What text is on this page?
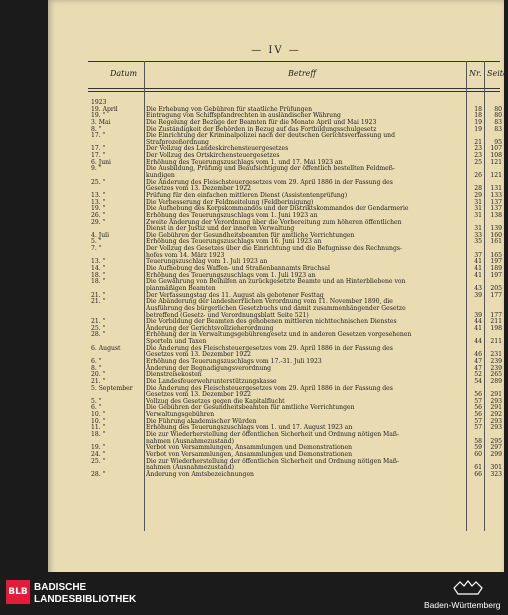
— IV —
Datum	Betreff	Nr. Seite
1923
19. April	Die Erhebung von Gebühren für staatliche Prüfungen	18	80
19. "	Eintragung von Schiffspfandrechten in ausländischer Währung	18	80
3. Mai	Die Regelung der Bezüge der Beamten für die Monate April und Mai 1923	19	83
8. "	Die Zuständigkeit der Behörden in Bezug auf das Fortbildungsschulgesetz	19	83
17. "	Die Einrichtung der Kriminalpolizei nach der deutschen Gerichtsverfassung und
Strafprozeßordnung	21	95
17. "	Der Vollzug des Landeskirchensteuergesetzes	23	107
17. "	Der Vollzug des Ortskirchensteuergesetzes	23	108
6. Juni	Erhöhung des Teuerungszuschlags vom 1. und 17. Mai 1923 an	25	121
9. "	Die Ausbildung, Prüfung und Beaufsichtigung der öffentlich bestellten Feldmeß-
kundigen	26	121
25. "	Die Änderung des Fleischsteuergesetzes vom 29. April 1886 in der Fassung des
Gesetzes vom 13. Dezember 1922	28	131
13. "	Prüfung für den einfachen mittleren Dienst (Assistentenprüfung)	29	133
13. "	Die Verbesserung der Feldmeitelung (Feldberinigung)	31	137
19. "	Die Aufhebung des Korpskommandos und der Distriktskommandos der Gendarmerie	31	137
26. "	Erhöhung des Teuerungszuschlags vom 1. Juni 1923 an	31	138
29. "	Zweite Änderung der Verordnung über die Vorbereitung zum höheren öffentlichen
Dienst in der Justiz und der inneren Verwaltung	31	139
4. Juli	Die Gebühren der Gesundheitsbeamten für amtliche Verrichtungen	33	160
5. "	Erhöhung des Teuerungszuschlags vom 16. Juni 1923 an	35	161
7. "	Der Vollzug des Gesetzes über die Einrichtung und die Befugnisse des Rechnungs-
hofes vom 14. März 1923	37	165
13. "	Teuerungszuschlag vom 1. Juli 1923 an	41	197
14. "	Die Aufhebung des Waffen- und Straßenbannamts Bruchsal	41	189
18. "	Erhöhung des Teuerungszuschlags vom 1. Juli 1923 an	41	197
18. "	Die Gewährung von Beihilfen an zurückgesetzte Beamte und an Hinterbliebene von
planmäßigen Beamten	43	205
21. "	Der Verfassungstag des 11. August als gebotener Festtag	39	177
21. "	Die Abänderung der landesherrlichen Verordnung vom 11. November 1890, die
Ausführung des bürgerlichen Gesetzbuchs und damit zusammenhängender Gesetze
betreffend (Gesetz- und Verordnungsblatt Seite 521)	39	177
21. "	Die Vorbildung der Beamten des gehobenen mittleren nichttechnischen Dienstes	44	211
25. "	Änderung der Gerichtsvollzieherordnung	41	198
28. "	Erhöhung der in Verwaltungsgebührengesetz und in anderen Gesetzen vorgesehenen
Sporteln und Taxen	44	211
6. August	Die Änderung des Fleischsteuergesetzes vom 29. April 1886 in der Fassung des
Gesetzes vom 13. Dezember 1922	46	231
6. "	Erhöhung des Teuerungszuschlags vom 17.-31. Juli 1923	47	239
8. "	Änderung der Begnadigungsverordnung	47	239
20. "	Dienstreisekosten	52	265
21. "	Die Landesfeuerwehrunterstützungskasse	54	289
5. September	Die Änderung des Fleischsteuergesetzes vom 29. April 1886 in der Fassung des
Gesetzes vom 13. Dezember 1922	56	291
5. "	Vollzug des Gesetzes gegen die Kapitalflucht	57	293
6. "	Die Gebühren der Gesundheitsbeamten für amtliche Verrichtungen	56	291
10. "	Verwaltungsgebühren	56	292
10. "	Die Führung akademischer Würden	57	293
11. "	Erhöhung des Teuerungszuschlags vom 1. und 17. August 1923 an	57	293
18. "	Die zur Wiederherstellung der öffentlichen Sicherheit und Ordnung nötigen Maß-
nahmen (Ausnahmezustand)	58	295
19. "	Verbot von Versammlungen, Ansammlungen und Demonstrationen	59	297
24. "	Verbot von Versammlungen, Ansammlungen und Demonstrationen	60	299
25. "	Die zur Wiederherstellung der öffentlichen Sicherheit und Ordnung nötigen Maß-
nahmen (Ausnahmezustand)	61	301
28. "	Änderung von Amtsbezeichnungen	66	323
BLB BADISCHE
LANDESBIBLIOTHEK	Baden-Württemberg
